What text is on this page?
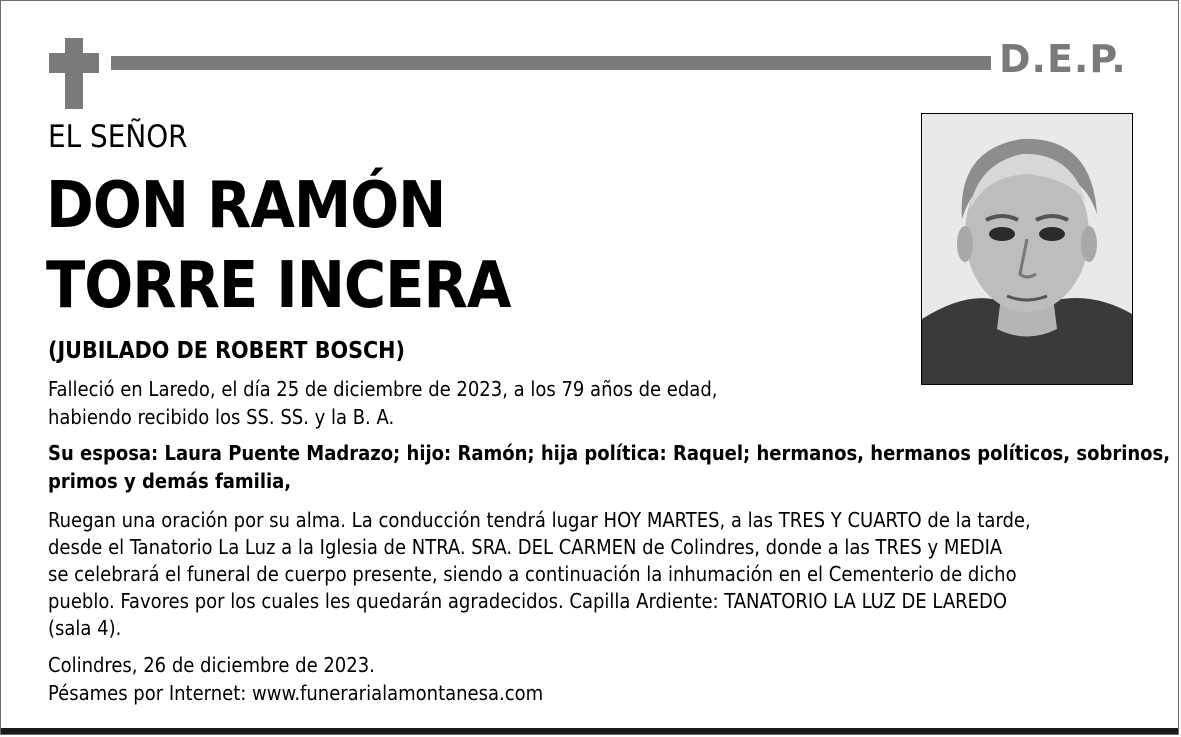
D.E.P.
EL SEÑOR
DON RAMÓN
TORRE INCERA
(JUBILADO DE ROBERT BOSCH)
Falleció en Laredo, el día 25 de diciembre de 2023, a los 79 años de edad,
habiendo recibido los SS. SS. y la B. A.
Su esposa: Laura Puente Madrazo; hijo: Ramón; hija política: Raquel; hermanos, hermanos políticos, sobrinos,
primos y demás familia,
Ruegan una oración por su alma. La conducción tendrá lugar HOY MARTES, a las TRES Y CUARTO de la tarde,
desde el Tanatorio La Luz a la Iglesia de NTRA. SRA. DEL CARMEN de Colindres, donde a las TRES y MEDIA
se celebrará el funeral de cuerpo presente, siendo a continuación la inhumación en el Cementerio de dicho
pueblo. Favores por los cuales les quedarán agradecidos. Capilla Ardiente: TANATORIO LA LUZ DE LAREDO
(sala 4).
Colindres, 26 de diciembre de 2023.
Pésames por Internet: www.funerarialamontanesa.com
